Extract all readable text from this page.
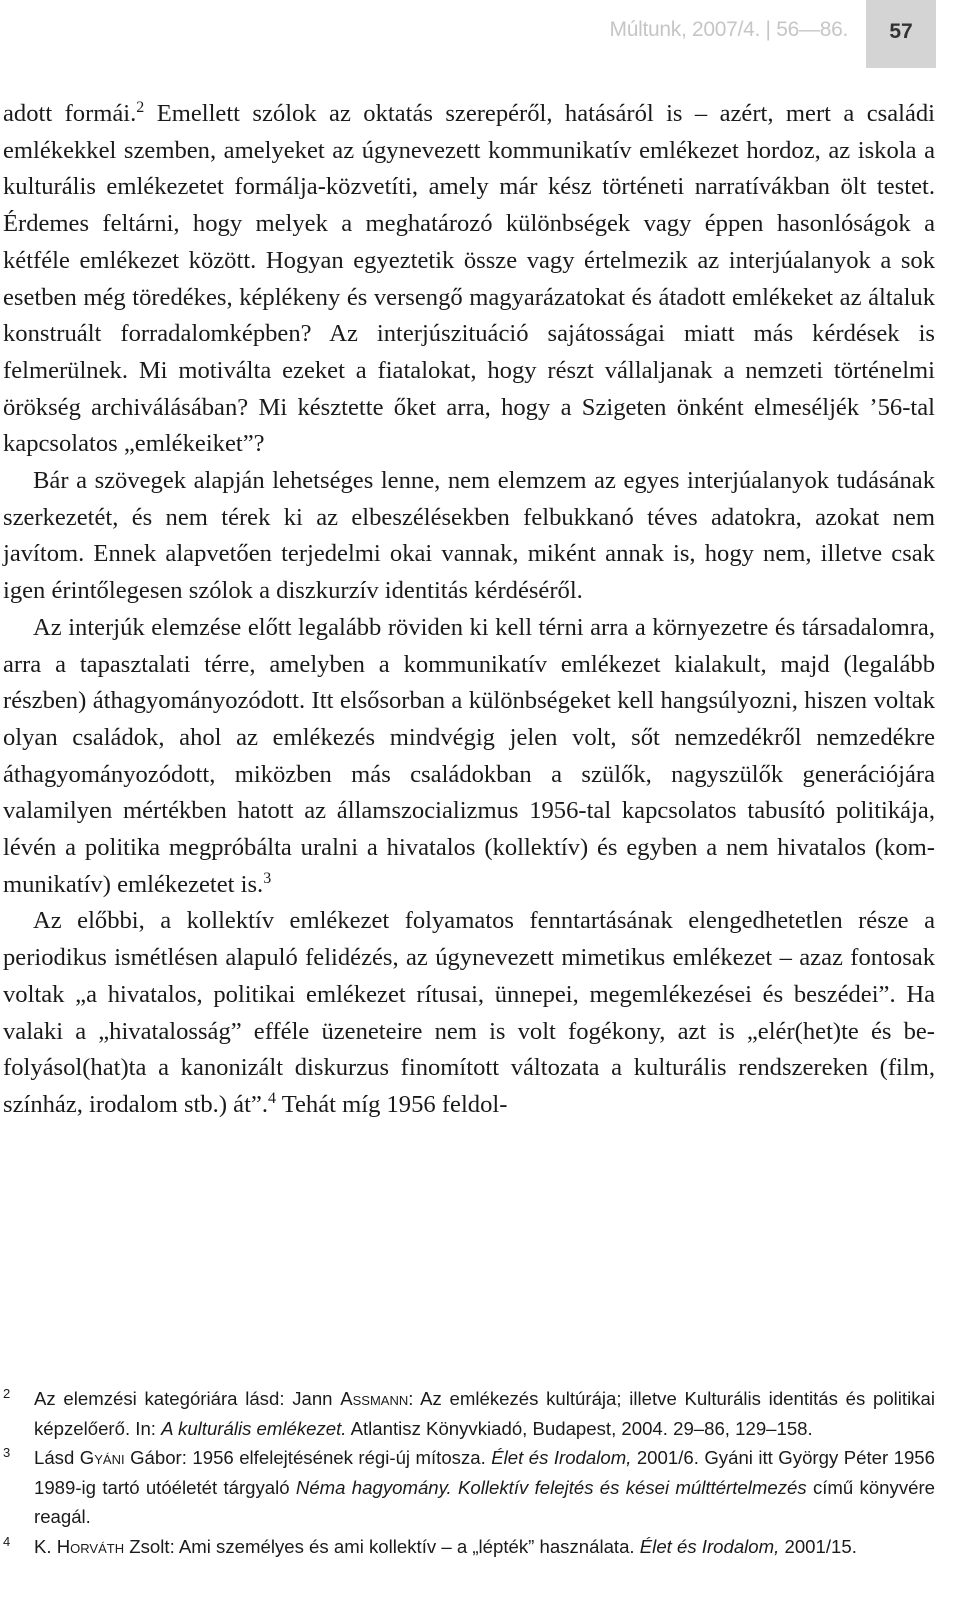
Múltunk, 2007/4. | 56—86.	57

adott formái.$^2$ Emellett szólok az oktatás szerepéről, hatásáról is – azért, mert a családi emlékekkel szemben, amelyeket az úgynevezett kommunikatív emlékezet hordoz, az iskola a kulturális emlékezetet formálja-közvetíti, amely már kész történeti narratívákban ölt testet. Érdemes feltárni, hogy melyek a meghatározó különbségek vagy éppen hasonlóságok a kétféle emlékezet között. Hogyan egyeztetik össze vagy értelmezik az interjúalanyok a sok esetben még töredékes, képlékeny és versengő magyarázatokat és átadott emlékeket az általuk konstruált forradalomképben? Az interjúszituáció sajátosságai miatt más kérdések is felmerülnek. Mi motiválta ezeket a fiatalokat, hogy részt vállaljanak a nemzeti történelmi örökség archiválásában? Mi késztette őket arra, hogy a Szigeten önként elmeséljék ’56-tal kapcsolatos „emlékeiket”?

Bár a szövegek alapján lehetséges lenne, nem elemzem az egyes interjúalanyok tudásának szerkezetét, és nem térek ki az elbeszélésekben felbukkanó téves adatokra, azokat nem javítom. Ennek alapvetően terjedelmi okai vannak, miként annak is, hogy nem, illetve csak igen érintőlegesen szólok a diszkurzív identitás kérdéséről.

Az interjúk elemzése előtt legalább röviden ki kell térni arra a környezetre és társadalomra, arra a tapasztalati térre, amelyben a kommunikatív emlékezet kialakult, majd (legalább részben) áthagyományozódott. Itt elsősorban a különbségeket kell hangsúlyozni, hiszen voltak olyan családok, ahol az emlékezés mindvégig jelen volt, sőt nemzedékről nemzedékre áthagyományozódott, miközben más családokban a szülők, nagyszülők generációjára valamilyen mértékben hatott az államszocializmus 1956-tal kapcsolatos tabusító politikája, lévén a politika megpróbálta uralni a hivatalos (kollektív) és egyben a nem hivatalos (kommunikatív) emlékezetet is.$^3$

Az előbbi, a kollektív emlékezet folyamatos fenntartásának elengedhetetlen része a periodikus ismétlésen alapuló felidézés, az úgynevezett mimetikus emlékezet – azaz fontosak voltak „a hivatalos, politikai emlékezet rítusai, ünnepei, megemlékezései és beszédei”. Ha valaki a „hivatalosság” efféle üzeneteire nem is volt fogékony, azt is „elér(het)te és befolyásol(hat)ta a kanonizált diskurzus finomított változata a kulturális rendszereken (film, színház, irodalom stb.) át”.$^4$ Tehát míg 1956 feldol-

2 Az elemzési kategóriára lásd: Jann Assmann: Az emlékezés kultúrája; illetve Kulturális identitás és politikai képzelőerő. In: A kulturális emlékezet. Atlantisz Könyvkiadó, Budapest, 2004. 29–86, 129–158.

3 Lásd Gyáni Gábor: 1956 elfelejtésének régi-új mítosza. Élet és Irodalom, 2001/6. Gyáni itt György Péter 1956 1989-ig tartó utóéletét tárgyaló Néma hagyomány. Kollektív felejtés és kései múlttértelmezés című könyvére reagál.

4 K. Horváth Zsolt: Ami személyes és ami kollektív – a „lépték” használata. Élet és Irodalom, 2001/15.
